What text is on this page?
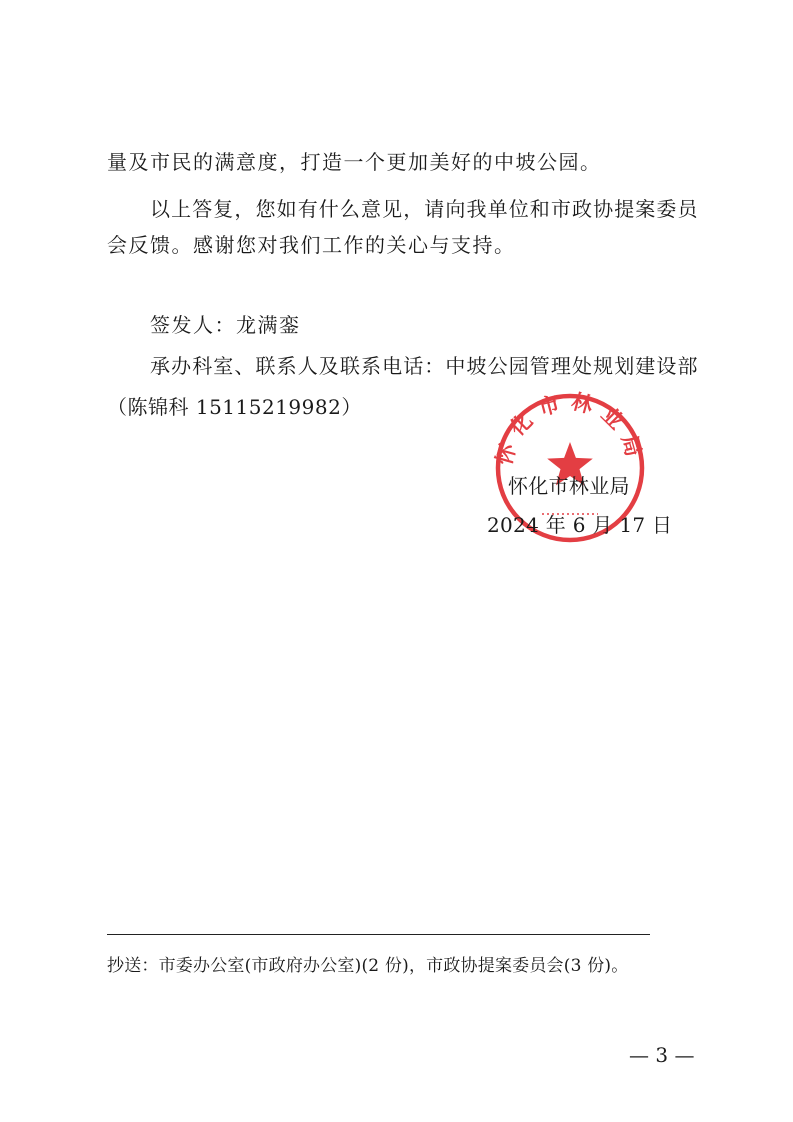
量及市民的满意度，打造一个更加美好的中坡公园。
以上答复，您如有什么意见，请向我单位和市政协提案委员
会反馈。感谢您对我们工作的关心与支持。
签发人：龙满銮
承办科室、联系人及联系电话：中坡公园管理处规划建设部
（陈锦科 15115219982）
怀化市林业局
怀化市林业局
2024 年 6 月 17 日
抄送：市委办公室(市政府办公室)(2 份)，市政协提案委员会(3 份)。
— 3 —
